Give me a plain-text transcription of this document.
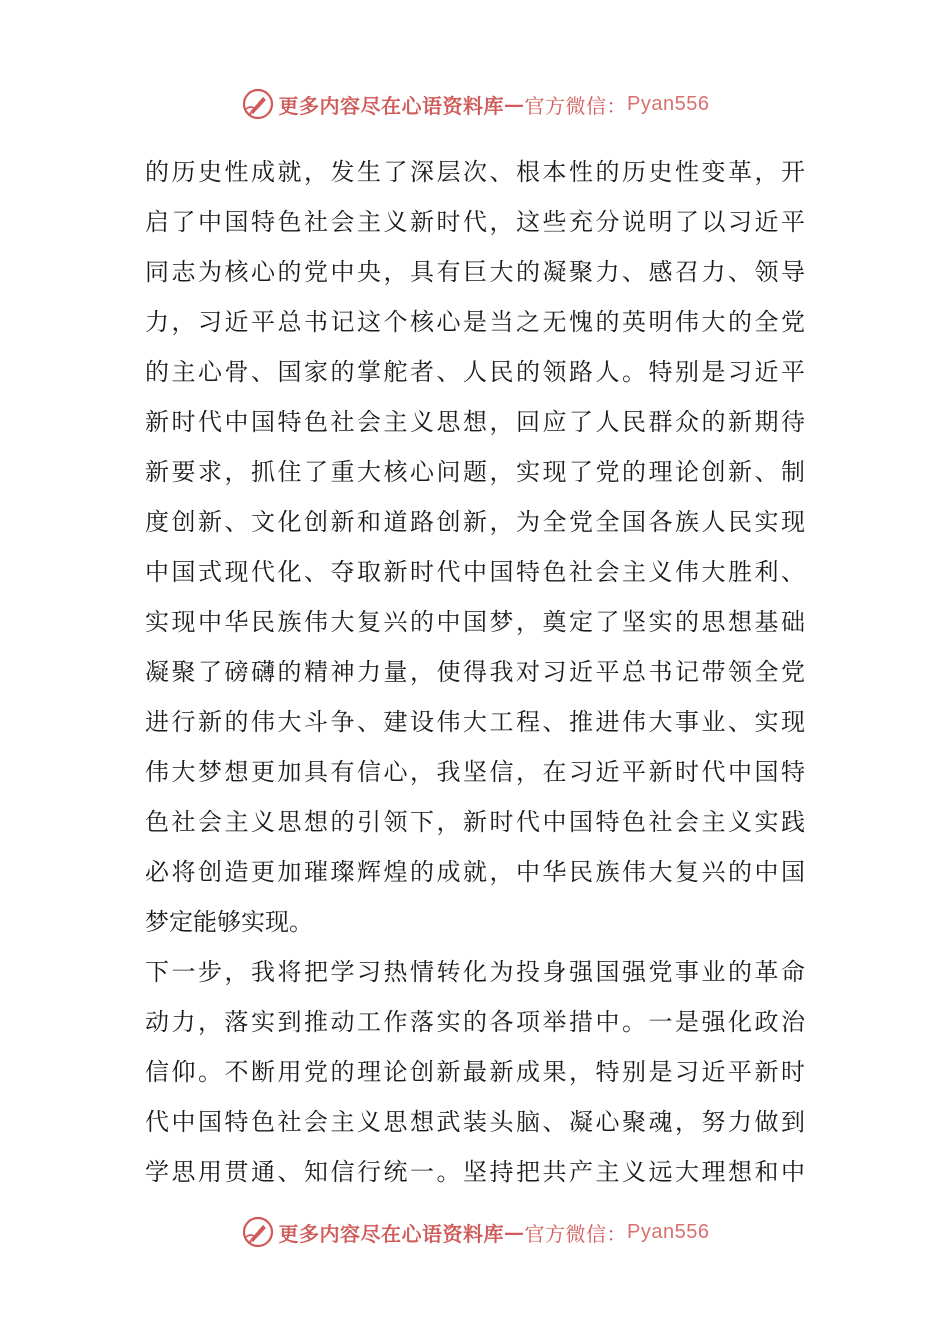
更多内容尽在心语资料库 — 官方微信： Pyan556
的历史性成就，发生了深层次、根本性的历史性变革，开
启了中国特色社会主义新时代，这些充分说明了以习近平
同志为核心的党中央，具有巨大的凝聚力、感召力、领导
力，习近平总书记这个核心是当之无愧的英明伟大的全党
的主心骨、国家的掌舵者、人民的领路人。特别是习近平
新时代中国特色社会主义思想，回应了人民群众的新期待
新要求，抓住了重大核心问题，实现了党的理论创新、制
度创新、文化创新和道路创新，为全党全国各族人民实现
中国式现代化、夺取新时代中国特色社会主义伟大胜利、
实现中华民族伟大复兴的中国梦，奠定了坚实的思想基础
凝聚了磅礴的精神力量，使得我对习近平总书记带领全党
进行新的伟大斗争、建设伟大工程、推进伟大事业、实现
伟大梦想更加具有信心，我坚信，在习近平新时代中国特
色社会主义思想的引领下，新时代中国特色社会主义实践
必将创造更加璀璨辉煌的成就，中华民族伟大复兴的中国
梦定能够实现。
下一步，我将把学习热情转化为投身强国强党事业的革命
动力，落实到推动工作落实的各项举措中。一是强化政治
信仰。不断用党的理论创新最新成果，特别是习近平新时
代中国特色社会主义思想武装头脑、凝心聚魂，努力做到
学思用贯通、知信行统一。坚持把共产主义远大理想和中
更多内容尽在心语资料库 — 官方微信： Pyan556
